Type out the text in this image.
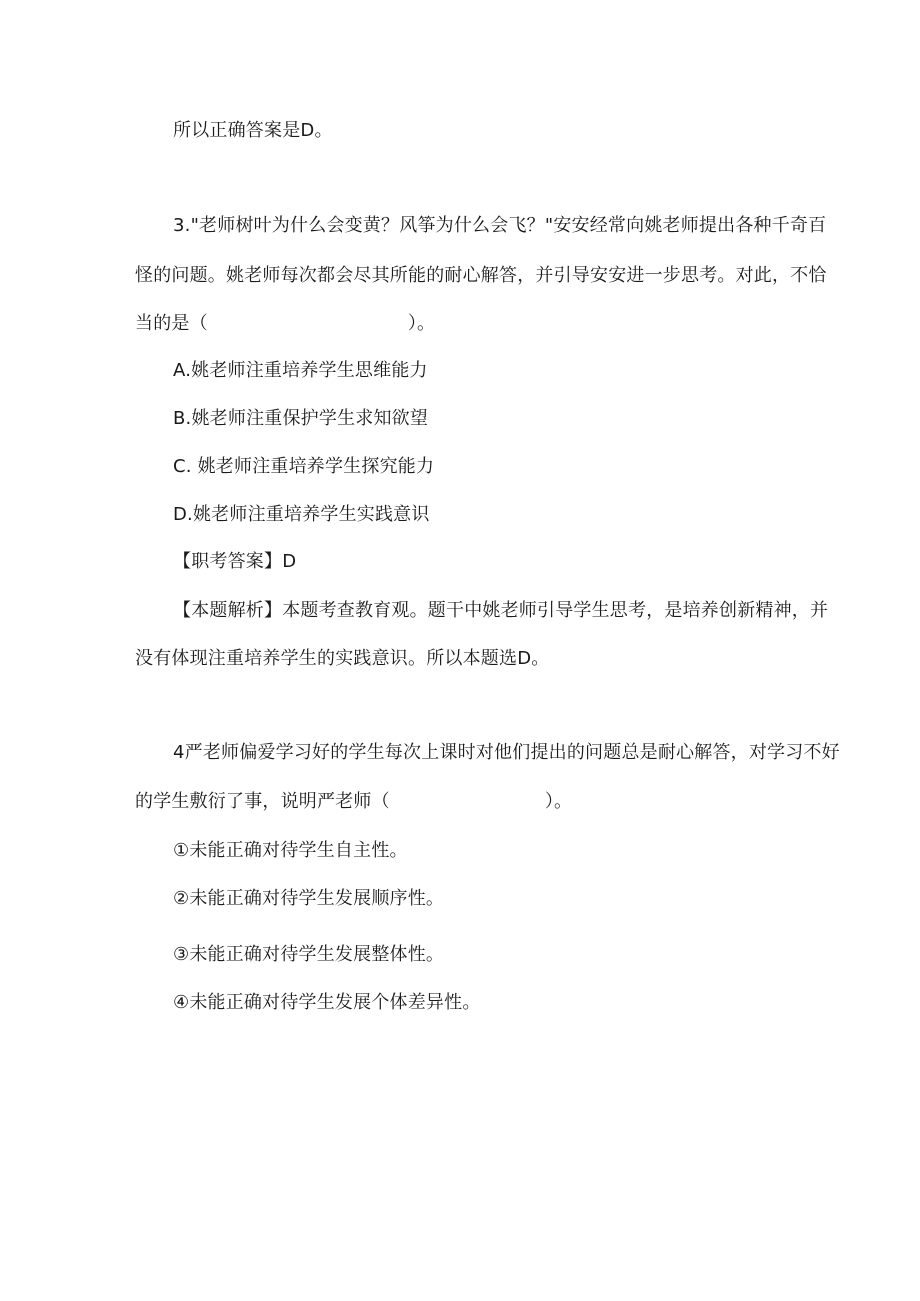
所以正确答案是D。
3."老师树叶为什么会变黄？风筝为什么会飞？"安安经常向姚老师提出各种千奇百
怪的问题。姚老师每次都会尽其所能的耐心解答，并引导安安进一步思考。对此，不恰
当的是（	）。
A.姚老师注重培养学生思维能力
B.姚老师注重保护学生求知欲望
C. 姚老师注重培养学生探究能力
D.姚老师注重培养学生实践意识
【职考答案】D
【本题解析】本题考查教育观。题干中姚老师引导学生思考，是培养创新精神，并
没有体现注重培养学生的实践意识。所以本题选D。
4严老师偏爱学习好的学生每次上课时对他们提出的问题总是耐心解答，对学习不好
的学生敷衍了事，说明严老师（	）。
①未能正确对待学生自主性。
②未能正确对待学生发展顺序性。
③未能正确对待学生发展整体性。
④未能正确对待学生发展个体差异性。
